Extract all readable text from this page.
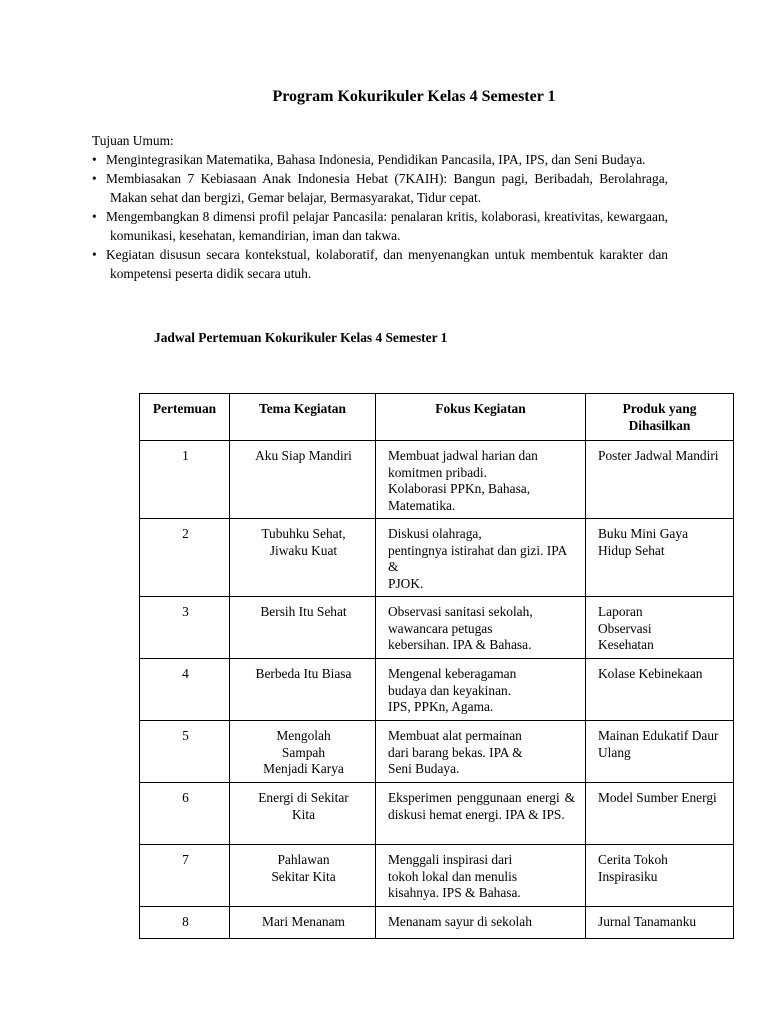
Program Kokurikuler Kelas 4 Semester 1

Tujuan Umum:

• Mengintegrasikan Matematika, Bahasa Indonesia, Pendidikan Pancasila, IPA, IPS, dan Seni Budaya.

• Membiasakan 7 Kebiasaan Anak Indonesia Hebat (7KAIH): Bangun pagi, Beribadah, Berolahraga, Makan sehat dan bergizi, Gemar belajar, Bermasyarakat, Tidur cepat.

• Mengembangkan 8 dimensi profil pelajar Pancasila: penalaran kritis, kolaborasi, kreativitas, kewargaan, komunikasi, kesehatan, kemandirian, iman dan takwa.

• Kegiatan disusun secara kontekstual, kolaboratif, dan menyenangkan untuk membentuk karakter dan kompetensi peserta didik secara utuh.

Jadwal Pertemuan Kokurikuler Kelas 4 Semester 1
Pertemuan	Tema Kegiatan	Fokus Kegiatan	Produk yang Dihasilkan
1	Aku Siap Mandiri	Membuat jadwal harian dan komitmen pribadi.
Kolaborasi PPKn, Bahasa, Matematika.	Poster Jadwal Mandiri
2	Tubuhku Sehat,
Jiwaku Kuat	Diskusi olahraga,
pentingnya istirahat dan gizi. IPA &
PJOK.	Buku Mini Gaya Hidup Sehat
3	Bersih Itu Sehat	Observasi sanitasi sekolah, wawancara petugas
kebersihan. IPA & Bahasa.	Laporan
Observasi
Kesehatan
4	Berbeda Itu Biasa	Mengenal keberagaman
budaya dan keyakinan.
IPS, PPKn, Agama.	Kolase Kebinekaan
5	Mengolah
Sampah
Menjadi Karya	Membuat alat permainan
dari barang bekas. IPA &
Seni Budaya.	Mainan Edukatif Daur Ulang
6	Energi di Sekitar
Kita	Eksperimen penggunaan energi & diskusi hemat energi. IPA & IPS.	Model Sumber Energi
7	Pahlawan
Sekitar Kita	Menggali inspirasi dari
tokoh lokal dan menulis
kisahnya. IPS & Bahasa.	Cerita Tokoh Inspirasiku
8	Mari Menanam	Menanam sayur di sekolah	Jurnal Tanamanku
